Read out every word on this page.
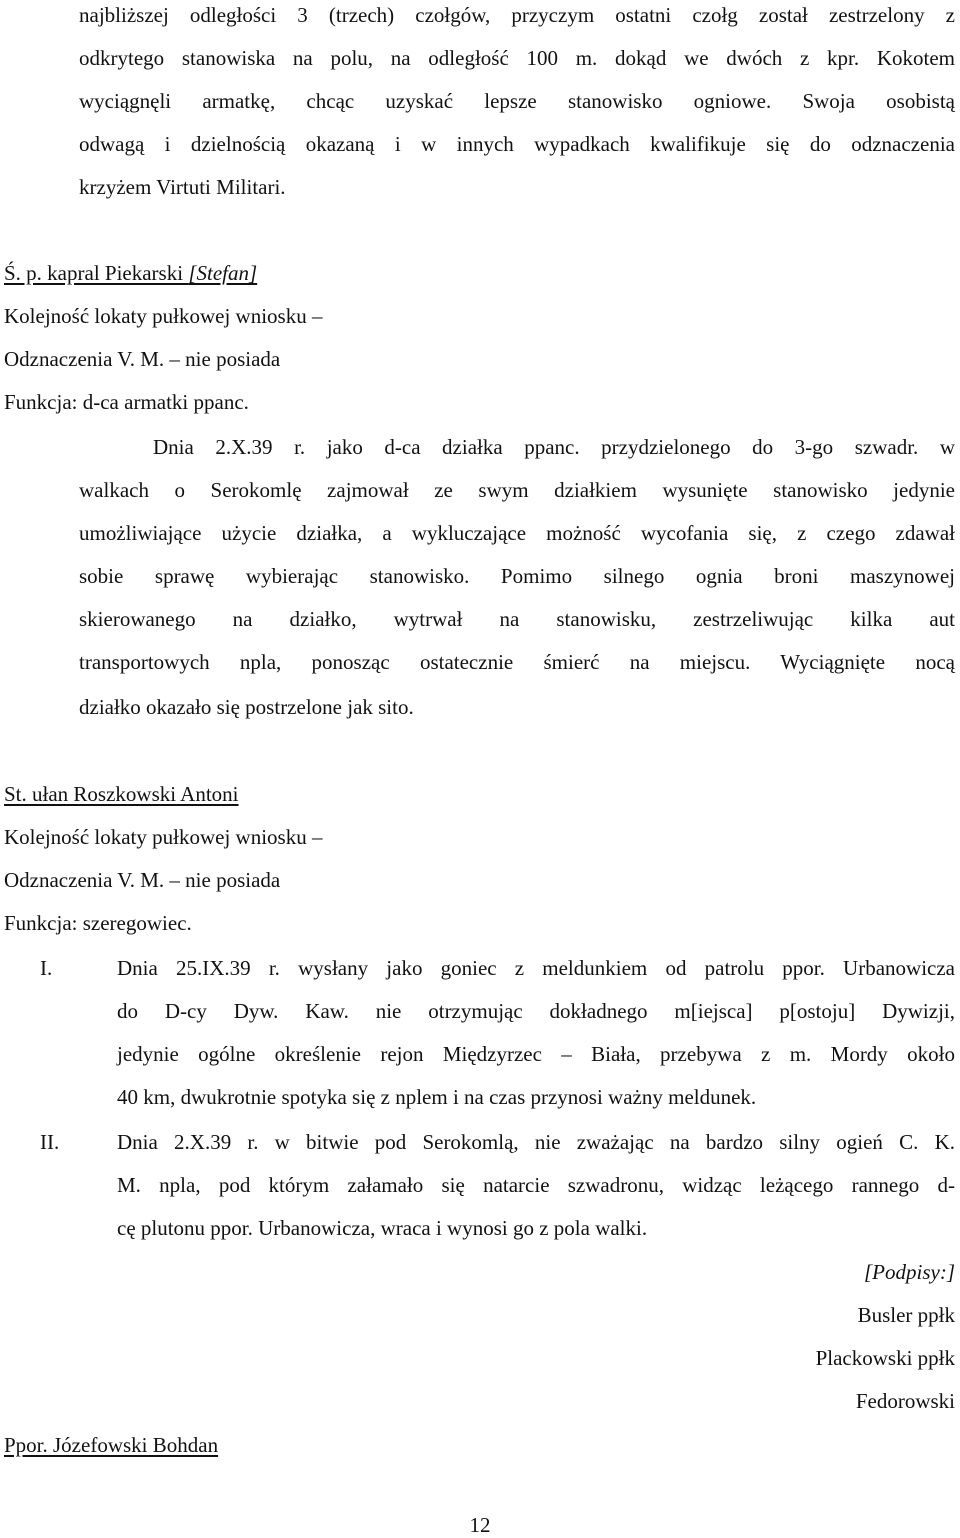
najbliższej odległości 3 (trzech) czołgów, przyczym ostatni czołg został zestrzelony z
odkrytego stanowiska na polu, na odległość 100 m. dokąd we dwóch z kpr. Kokotem
wyciągnęli armatkę, chcąc uzyskać lepsze stanowisko ogniowe. Swoja osobistą
odwagą i dzielnością okazaną i w innych wypadkach kwalifikuje się do odznaczenia
krzyżem Virtuti Militari.
Ś. p. kapral Piekarski [Stefan]
Kolejność lokaty pułkowej wniosku –
Odznaczenia V. M. – nie posiada
Funkcja: d-ca armatki ppanc.
Dnia 2.X.39 r. jako d-ca działka ppanc. przydzielonego do 3-go szwadr. w
walkach o Serokomlę zajmował ze swym działkiem wysunięte stanowisko jedynie
umożliwiające użycie działka, a wykluczające możność wycofania się, z czego zdawał
sobie sprawę wybierając stanowisko. Pomimo silnego ognia broni maszynowej
skierowanego na działko, wytrwał na stanowisku, zestrzeliwując kilka aut
transportowych npla, ponosząc ostatecznie śmierć na miejscu. Wyciągnięte nocą
działko okazało się postrzelone jak sito.
St. ułan Roszkowski Antoni
Kolejność lokaty pułkowej wniosku –
Odznaczenia V. M. – nie posiada
Funkcja: szeregowiec.
I.	Dnia 25.IX.39 r. wysłany jako goniec z meldunkiem od patrolu ppor. Urbanowicza
do D-cy Dyw. Kaw. nie otrzymując dokładnego m[iejsca] p[ostoju] Dywizji,
jedynie ogólne określenie rejon Międzyrzec – Biała, przebywa z m. Mordy około
40 km, dwukrotnie spotyka się z nplem i na czas przynosi ważny meldunek.
II.	Dnia 2.X.39 r. w bitwie pod Serokomlą, nie zważając na bardzo silny ogień C. K.
M. npla, pod którym załamało się natarcie szwadronu, widząc leżącego rannego d-
cę plutonu ppor. Urbanowicza, wraca i wynosi go z pola walki.
[Podpisy:]
Busler ppłk
Plackowski ppłk
Fedorowski
Ppor. Józefowski Bohdan
12
